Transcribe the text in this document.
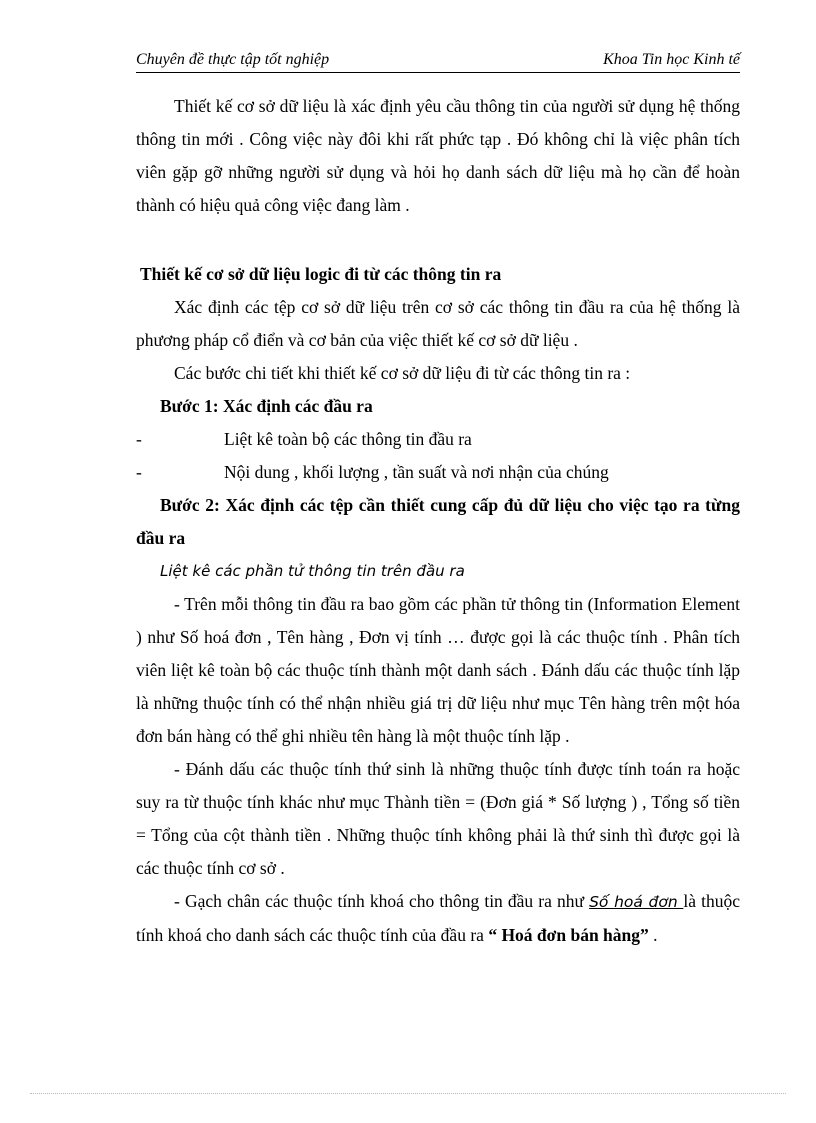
Chuyên đề thực tập tốt nghiệp	Khoa Tin học Kinh tế

Thiết kế cơ sở dữ liệu là xác định yêu cầu thông tin của người sử dụng hệ thống thông tin mới . Công việc này đôi khi rất phức tạp . Đó không chỉ là việc phân tích viên gặp gỡ những người sử dụng và hỏi họ danh sách dữ liệu mà họ cần để hoàn thành có hiệu quả công việc đang làm .

Thiết kế cơ sở dữ liệu logic đi từ các thông tin ra

Xác định các tệp cơ sở dữ liệu trên cơ sở các thông tin đầu ra của hệ thống là phương pháp cổ điển và cơ bản của việc thiết kế cơ sở dữ liệu .

Các bước chi tiết khi thiết kế cơ sở dữ liệu đi từ các thông tin ra :

Bước 1: Xác định các đầu ra

-	Liệt kê toàn bộ các thông tin đầu ra
-	Nội dung , khối lượng , tần suất và nơi nhận của chúng

Bước 2: Xác định các tệp cần thiết cung cấp đủ dữ liệu cho việc tạo ra từng đầu ra

Liệt kê các phần tử thông tin trên đầu ra

- Trên mỗi thông tin đầu ra bao gồm các phần tử thông tin (Information Element ) như Số hoá đơn , Tên hàng , Đơn vị tính … được gọi là các thuộc tính . Phân tích viên liệt kê toàn bộ các thuộc tính thành một danh sách . Đánh dấu các thuộc tính lặp là những thuộc tính có thể nhận nhiều giá trị dữ liệu như mục Tên hàng trên một hóa đơn bán hàng có thể ghi nhiều tên hàng là một thuộc tính lặp .

- Đánh dấu các thuộc tính thứ sinh là những thuộc tính được tính toán ra hoặc suy ra từ thuộc tính khác như mục Thành tiền = (Đơn giá * Số lượng ) , Tổng số tiền = Tổng của cột thành tiền . Những thuộc tính không phải là thứ sinh thì được gọi là các thuộc tính cơ sở .

- Gạch chân các thuộc tính khoá cho thông tin đầu ra như Số hoá đơn là thuộc tính khoá cho danh sách các thuộc tính của đầu ra “ Hoá đơn bán hàng” .
